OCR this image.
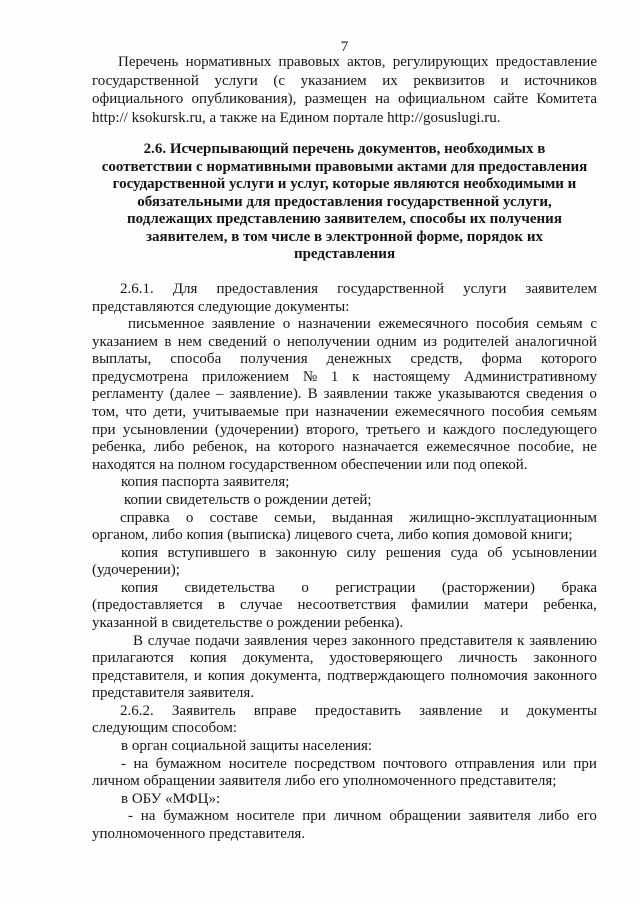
7
Перечень нормативных правовых актов, регулирующих предоставление
государственной услуги (с указанием их реквизитов и источников
официального опубликования), размещен на официальном сайте Комитета
http:// ksokursk.ru, а также на Едином портале http://gosuslugi.ru.
2.6. Исчерпывающий перечень документов, необходимых в
соответствии с нормативными правовыми актами для предоставления
государственной услуги и услуг, которые являются необходимыми и
обязательными для предоставления государственной услуги,
подлежащих представлению заявителем, способы их получения
заявителем, в том числе в электронной форме, порядок их
представления
2.6.1. Для предоставления государственной услуги заявителем
представляются следующие документы:
письменное заявление о назначении ежемесячного пособия семьям с
указанием в нем сведений о неполучении одним из родителей аналогичной
выплаты, способа получения денежных средств, форма которого
предусмотрена приложением № 1 к настоящему Административному
регламенту (далее – заявление). В заявлении также указываются сведения о
том, что дети, учитываемые при назначении ежемесячного пособия семьям
при усыновлении (удочерении) второго, третьего и каждого последующего
ребенка, либо ребенок, на которого назначается ежемесячное пособие, не
находятся на полном государственном обеспечении или под опекой.
копия паспорта заявителя;
копии свидетельств о рождении детей;
справка о составе семьи, выданная жилищно-эксплуатационным
органом, либо копия (выписка) лицевого счета, либо копия домовой книги;
копия вступившего в законную силу решения суда об усыновлении
(удочерении);
копия свидетельства о регистрации (расторжении) брака
(предоставляется в случае несоответствия фамилии матери ребенка,
указанной в свидетельстве о рождении ребенка).
В случае подачи заявления через законного представителя к заявлению
прилагаются копия документа, удостоверяющего личность законного
представителя, и копия документа, подтверждающего полномочия законного
представителя заявителя.
2.6.2. Заявитель вправе предоставить заявление и документы
следующим способом:
в орган социальной защиты населения:
- на бумажном носителе посредством почтового отправления или при
личном обращении заявителя либо его уполномоченного представителя;
в ОБУ «МФЦ»:
- на бумажном носителе при личном обращении заявителя либо его
уполномоченного представителя.
